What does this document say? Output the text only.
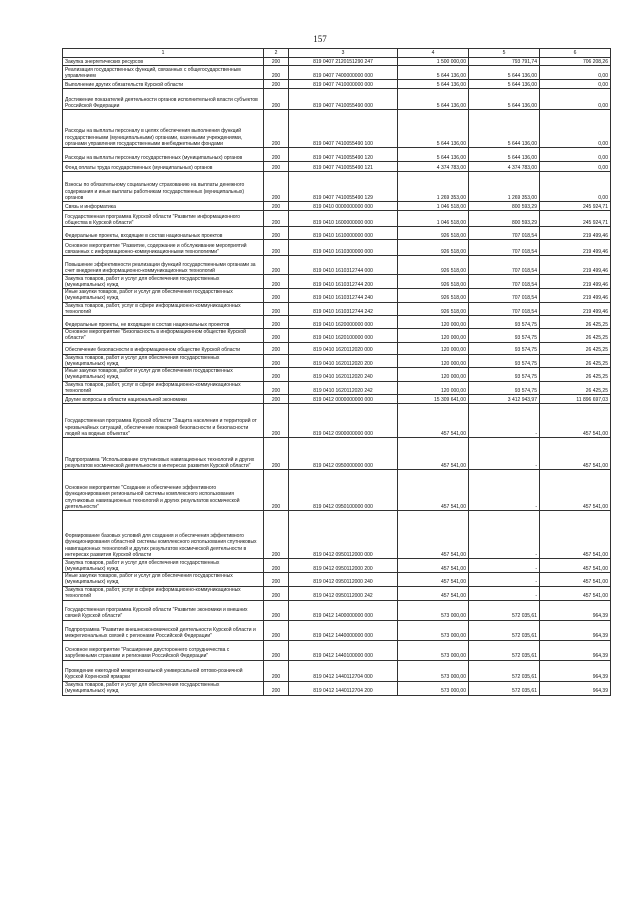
157
1	2	3	4	5	6
Закупка энергетических ресурсов	200	819 0407 2120151290 247	1 500 000,00	793 791,74	706 208,26
Реализация государственных функций, связанных с общегосударственным управлением	200	819 0407 7400000000 000	5 644 136,00	5 644 136,00	0,00
Выполнение других обязательств Курской области	200	819 0407 7410000000 000	5 644 136,00	5 644 136,00	0,00
Достижение показателей деятельности органов исполнительной власти субъектов Российской Федерации	200	819 0407 7410055490 000	5 644 136,00	5 644 136,00	0,00
Расходы на выплаты персоналу в целях обеспечения выполнения функций государственными (муниципальными) органами, казенными учреждениями, органами управления государственными внебюджетными фондами	200	819 0407 7410055490 100	5 644 136,00	5 644 136,00	0,00
Расходы на выплаты персоналу государственных (муниципальных) органов	200	819 0407 7410055490 120	5 644 136,00	5 644 136,00	0,00
Фонд оплаты труда государственных (муниципальных) органов	200	819 0407 7410055490 121	4 374 783,00	4 374 783,00	0,00
Взносы по обязательному социальному страхованию на выплаты денежного содержания и иные выплаты работникам государственных (муниципальных) органов	200	819 0407 7410055490 129	1 269 353,00	1 269 353,00	0,00
Связь и информатика	200	819 0410 0000000000 000	1 046 518,00	800 593,29	245 924,71
Государственная программа Курской области "Развитие информационного общества в Курской области"	200	819 0410 1600000000 000	1 046 518,00	800 593,29	245 924,71
Федеральные проекты, входящие в состав национальных проектов	200	819 0410 1610000000 000	926 518,00	707 018,54	219 499,46
Основное мероприятие "Развитие, содержание и обслуживание мероприятий связанных с информационно-коммуникационными технологиями"	200	819 0410 1610300000 000	926 518,00	707 018,54	219 499,46
Повышение эффективности реализации функций государственными органами за счет внедрения информационно-коммуникационных технологий	200	819 0410 1610312744 000	926 518,00	707 018,54	219 499,46
Закупка товаров, работ и услуг для обеспечения государственных (муниципальных) нужд	200	819 0410 1610312744 200	926 518,00	707 018,54	219 499,46
Иные закупки товаров, работ и услуг для обеспечения государственных (муниципальных) нужд	200	819 0410 1610312744 240	926 518,00	707 018,54	219 499,46
Закупка товаров, работ, услуг в сфере информационно-коммуникационных технологий	200	819 0410 1610312744 242	926 518,00	707 018,54	219 499,46
Федеральные проекты, не входящие в состав национальных проектов	200	819 0410 1620000000 000	120 000,00	93 574,75	26 425,25
Основное мероприятие "Безопасность в информационном обществе Курской области"	200	819 0410 1620100000 000	120 000,00	93 574,75	26 425,25
Обеспечение безопасности в информационном обществе Курской области	200	819 0410 1620112020 000	120 000,00	93 574,75	26 425,25
Закупка товаров, работ и услуг для обеспечения государственных (муниципальных) нужд	200	819 0410 1620112020 200	120 000,00	93 574,75	26 425,25
Иные закупки товаров, работ и услуг для обеспечения государственных (муниципальных) нужд	200	819 0410 1620112020 240	120 000,00	93 574,75	26 425,25
Закупка товаров, работ, услуг в сфере информационно-коммуникационных технологий	200	819 0410 1620112020 242	120 000,00	93 574,75	26 425,25
Другие вопросы в области национальной экономики	200	819 0412 0000000000 000	15 309 641,00	3 412 943,97	11 896 697,03
Государственная программа Курской области "Защита населения и территорий от чрезвычайных ситуаций, обеспечение пожарной безопасности и безопасности людей на водных объектах"	200	819 0412 0900000000 000	457 541,00	-	457 541,00
Подпрограмма "Использование спутниковых навигационных технологий и других результатов космической деятельности в интересах развития Курской области"	200	819 0412 0950000000 000	457 541,00	-	457 541,00
Основное мероприятие "Создание и обеспечение эффективного функционирования региональной системы комплексного использования спутниковых навигационных технологий и других результатов космической деятельности"	200	819 0412 0950100000 000	457 541,00	-	457 541,00
Формирование базовых условий для создания и обеспечения эффективного функционирования областной системы комплексного использования спутниковых навигационных технологий и других результатов космической деятельности в интересах развития Курской области	200	819 0412 0950112000 000	457 541,00	-	457 541,00
Закупка товаров, работ и услуг для обеспечения государственных (муниципальных) нужд	200	819 0412 0950112000 200	457 541,00	-	457 541,00
Иные закупки товаров, работ и услуг для обеспечения государственных (муниципальных) нужд	200	819 0412 0950112000 240	457 541,00	-	457 541,00
Закупка товаров, работ, услуг в сфере информационно-коммуникационных технологий	200	819 0412 0950112000 242	457 541,00	-	457 541,00
Государственная программа Курской области "Развитие экономики и внешних связей Курской области"	200	819 0412 1400000000 000	573 000,00	572 035,61	964,39
Подпрограмма "Развитие внешнеэкономической деятельности Курской области и межрегиональных связей с регионами Российской Федерации"	200	819 0412 1440000000 000	573 000,00	572 035,61	964,39
Основное мероприятие "Расширение двустороннего сотрудничества с зарубежными странами и регионами Российской Федерации"	200	819 0412 1440100000 000	573 000,00	572 035,61	964,39
Проведение ежегодной межрегиональной универсальной оптово-розничной Курской Коренской ярмарки	200	819 0412 1440112704 000	573 000,00	572 035,61	964,39
Закупка товаров, работ и услуг для обеспечения государственных (муниципальных) нужд	200	819 0412 1440112704 200	573 000,00	572 035,61	964,39
